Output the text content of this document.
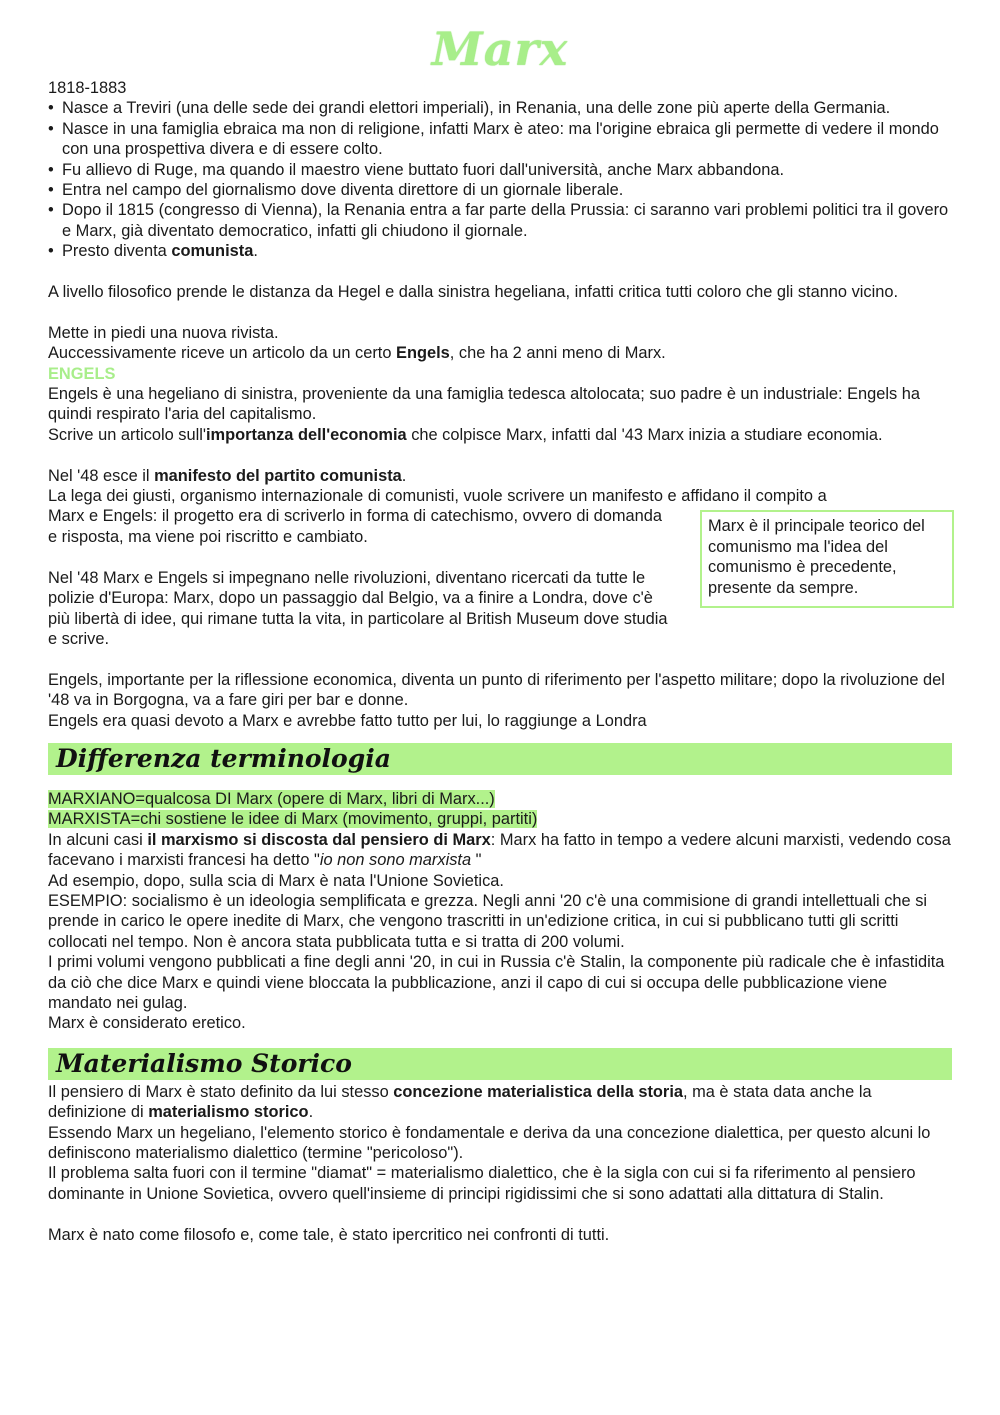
Marx

1818-1883

• Nasce a Treviri (una delle sede dei grandi elettori imperiali), in Renania, una delle zone più aperte della Germania.
• Nasce in una famiglia ebraica ma non di religione, infatti Marx è ateo: ma l'origine ebraica gli permette di vedere il mondo con una prospettiva divera e di essere colto.
• Fu allievo di Ruge, ma quando il maestro viene buttato fuori dall'università, anche Marx abbandona.
• Entra nel campo del giornalismo dove diventa direttore di un giornale liberale.
• Dopo il 1815 (congresso di Vienna), la Renania entra a far parte della Prussia: ci saranno vari problemi politici tra il govero e Marx, già diventato democratico, infatti gli chiudono il giornale.
• Presto diventa comunista.

A livello filosofico prende le distanza da Hegel e dalla sinistra hegeliana, infatti critica tutti coloro che gli stanno vicino.

Mette in piedi una nuova rivista.

Auccessivamente riceve un articolo da un certo Engels, che ha 2 anni meno di Marx.

ENGELS

Engels è una hegeliano di sinistra, proveniente da una famiglia tedesca altolocata; suo padre è un industriale: Engels ha quindi respirato l'aria del capitalismo.

Scrive un articolo sull'importanza dell'economia che colpisce Marx, infatti dal '43 Marx inizia a studiare economia.

Nel '48 esce il manifesto del partito comunista.

La lega dei giusti, organismo internazionale di comunisti, vuole scrivere un manifesto e affidano il compito a

Marx e Engels: il progetto era di scriverlo in forma di catechismo, ovvero di domanda e risposta, ma viene poi riscritto e cambiato.

Nel '48 Marx e Engels si impegnano nelle rivoluzioni, diventano ricercati da tutte le polizie d'Europa: Marx, dopo un passaggio dal Belgio, va a finire a Londra, dove c'è più libertà di idee, qui rimane tutta la vita, in particolare al British Museum dove studia e scrive.

Marx è il principale teorico del comunismo ma l'idea del comunismo è precedente, presente da sempre.

Engels, importante per la riflessione economica, diventa un punto di riferimento per l'aspetto militare; dopo la rivoluzione del '48 va in Borgogna, va a fare giri per bar e donne.

Engels era quasi devoto a Marx e avrebbe fatto tutto per lui, lo raggiunge a Londra

Differenza terminologia

MARXIANO=qualcosa DI Marx (opere di Marx, libri di Marx...)

MARXISTA=chi sostiene le idee di Marx (movimento, gruppi, partiti)

In alcuni casi il marxismo si discosta dal pensiero di Marx: Marx ha fatto in tempo a vedere alcuni marxisti, vedendo cosa facevano i marxisti francesi ha detto "io non sono marxista "

Ad esempio, dopo, sulla scia di Marx è nata l'Unione Sovietica.

ESEMPIO: socialismo è un ideologia semplificata e grezza. Negli anni '20 c'è una commisione di grandi intellettuali che si prende in carico le opere inedite di Marx, che vengono trascritti in un'edizione critica, in cui si pubblicano tutti gli scritti collocati nel tempo. Non è ancora stata pubblicata tutta e si tratta di 200 volumi.

I primi volumi vengono pubblicati a fine degli anni '20, in cui in Russia c'è Stalin, la componente più radicale che è infastidita da ciò che dice Marx e quindi viene bloccata la pubblicazione, anzi il capo di cui si occupa delle pubblicazione viene mandato nei gulag.

Marx è considerato eretico.

Materialismo Storico

Il pensiero di Marx è stato definito da lui stesso concezione materialistica della storia, ma è stata data anche la definizione di materialismo storico.

Essendo Marx un hegeliano, l'elemento storico è fondamentale e deriva da una concezione dialettica, per questo alcuni lo definiscono materialismo dialettico (termine "pericoloso").

Il problema salta fuori con il termine "diamat" = materialismo dialettico, che è la sigla con cui si fa riferimento al pensiero dominante in Unione Sovietica, ovvero quell'insieme di principi rigidissimi che si sono adattati alla dittatura di Stalin.

Marx è nato come filosofo e, come tale, è stato ipercritico nei confronti di tutti.
